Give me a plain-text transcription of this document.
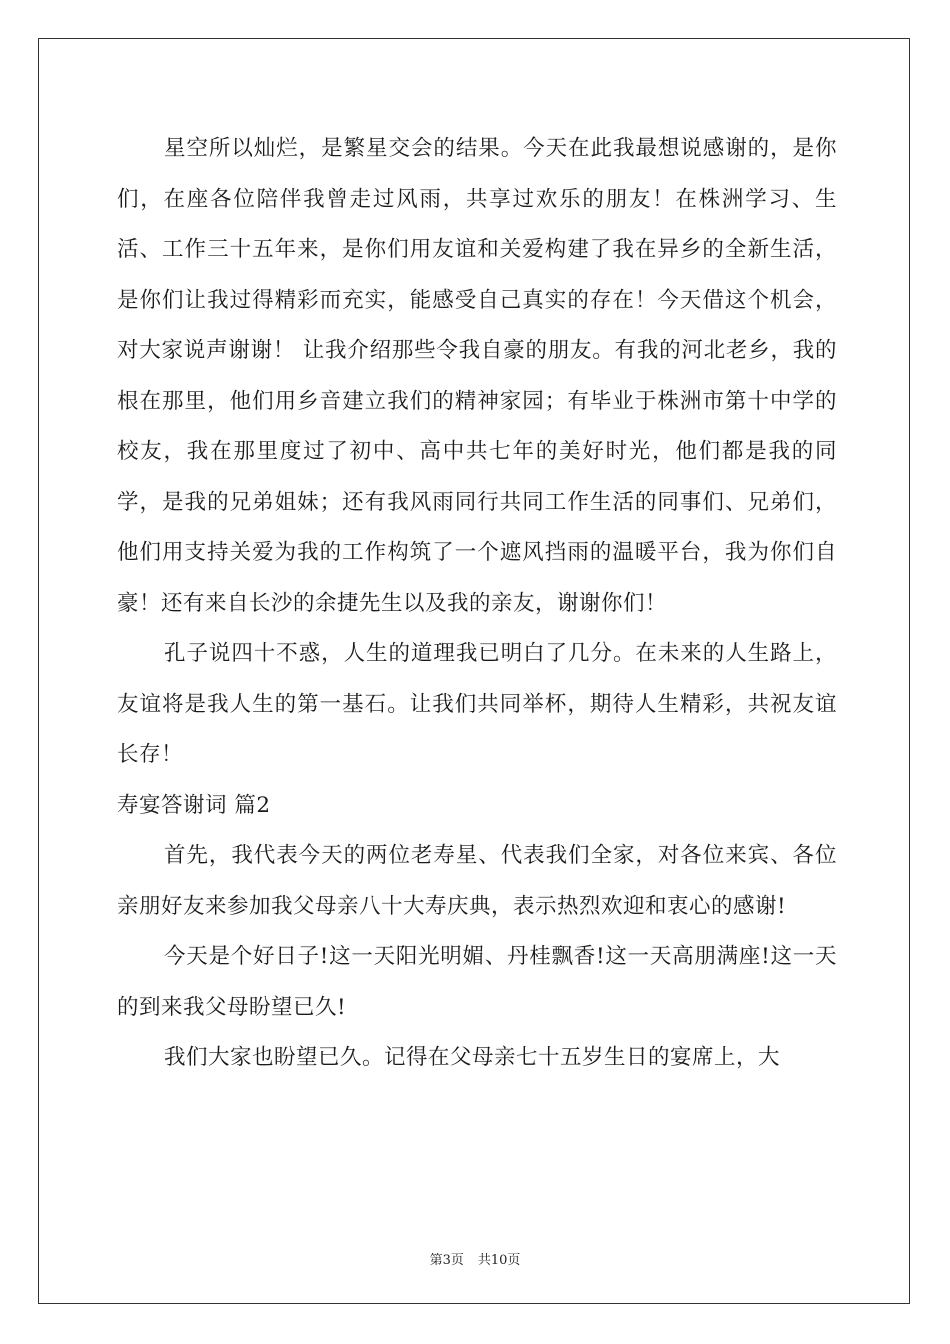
星空所以灿烂，是繁星交会的结果。今天在此我最想说感谢的，是你们，在座各位陪伴我曾走过风雨，共享过欢乐的朋友！在株洲学习、生活、工作三十五年来，是你们用友谊和关爱构建了我在异乡的全新生活，是你们让我过得精彩而充实，能感受自己真实的存在！今天借这个机会，对大家说声谢谢！ 让我介绍那些令我自豪的朋友。有我的河北老乡，我的根在那里，他们用乡音建立我们的精神家园；有毕业于株洲市第十中学的校友，我在那里度过了初中、高中共七年的美好时光，他们都是我的同学，是我的兄弟姐妹；还有我风雨同行共同工作生活的同事们、兄弟们，他们用支持关爱为我的工作构筑了一个遮风挡雨的温暖平台，我为你们自豪！还有来自长沙的余捷先生以及我的亲友，谢谢你们！

孔子说四十不惑，人生的道理我已明白了几分。在未来的人生路上，友谊将是我人生的第一基石。让我们共同举杯，期待人生精彩，共祝友谊长存！

寿宴答谢词 篇2

首先，我代表今天的两位老寿星、代表我们全家，对各位来宾、各位亲朋好友来参加我父母亲八十大寿庆典，表示热烈欢迎和衷心的感谢!

今天是个好日子!这一天阳光明媚、丹桂飘香!这一天高朋满座!这一天的到来我父母盼望已久!

我们大家也盼望已久。记得在父母亲七十五岁生日的宴席上，大

第3页 共10页
